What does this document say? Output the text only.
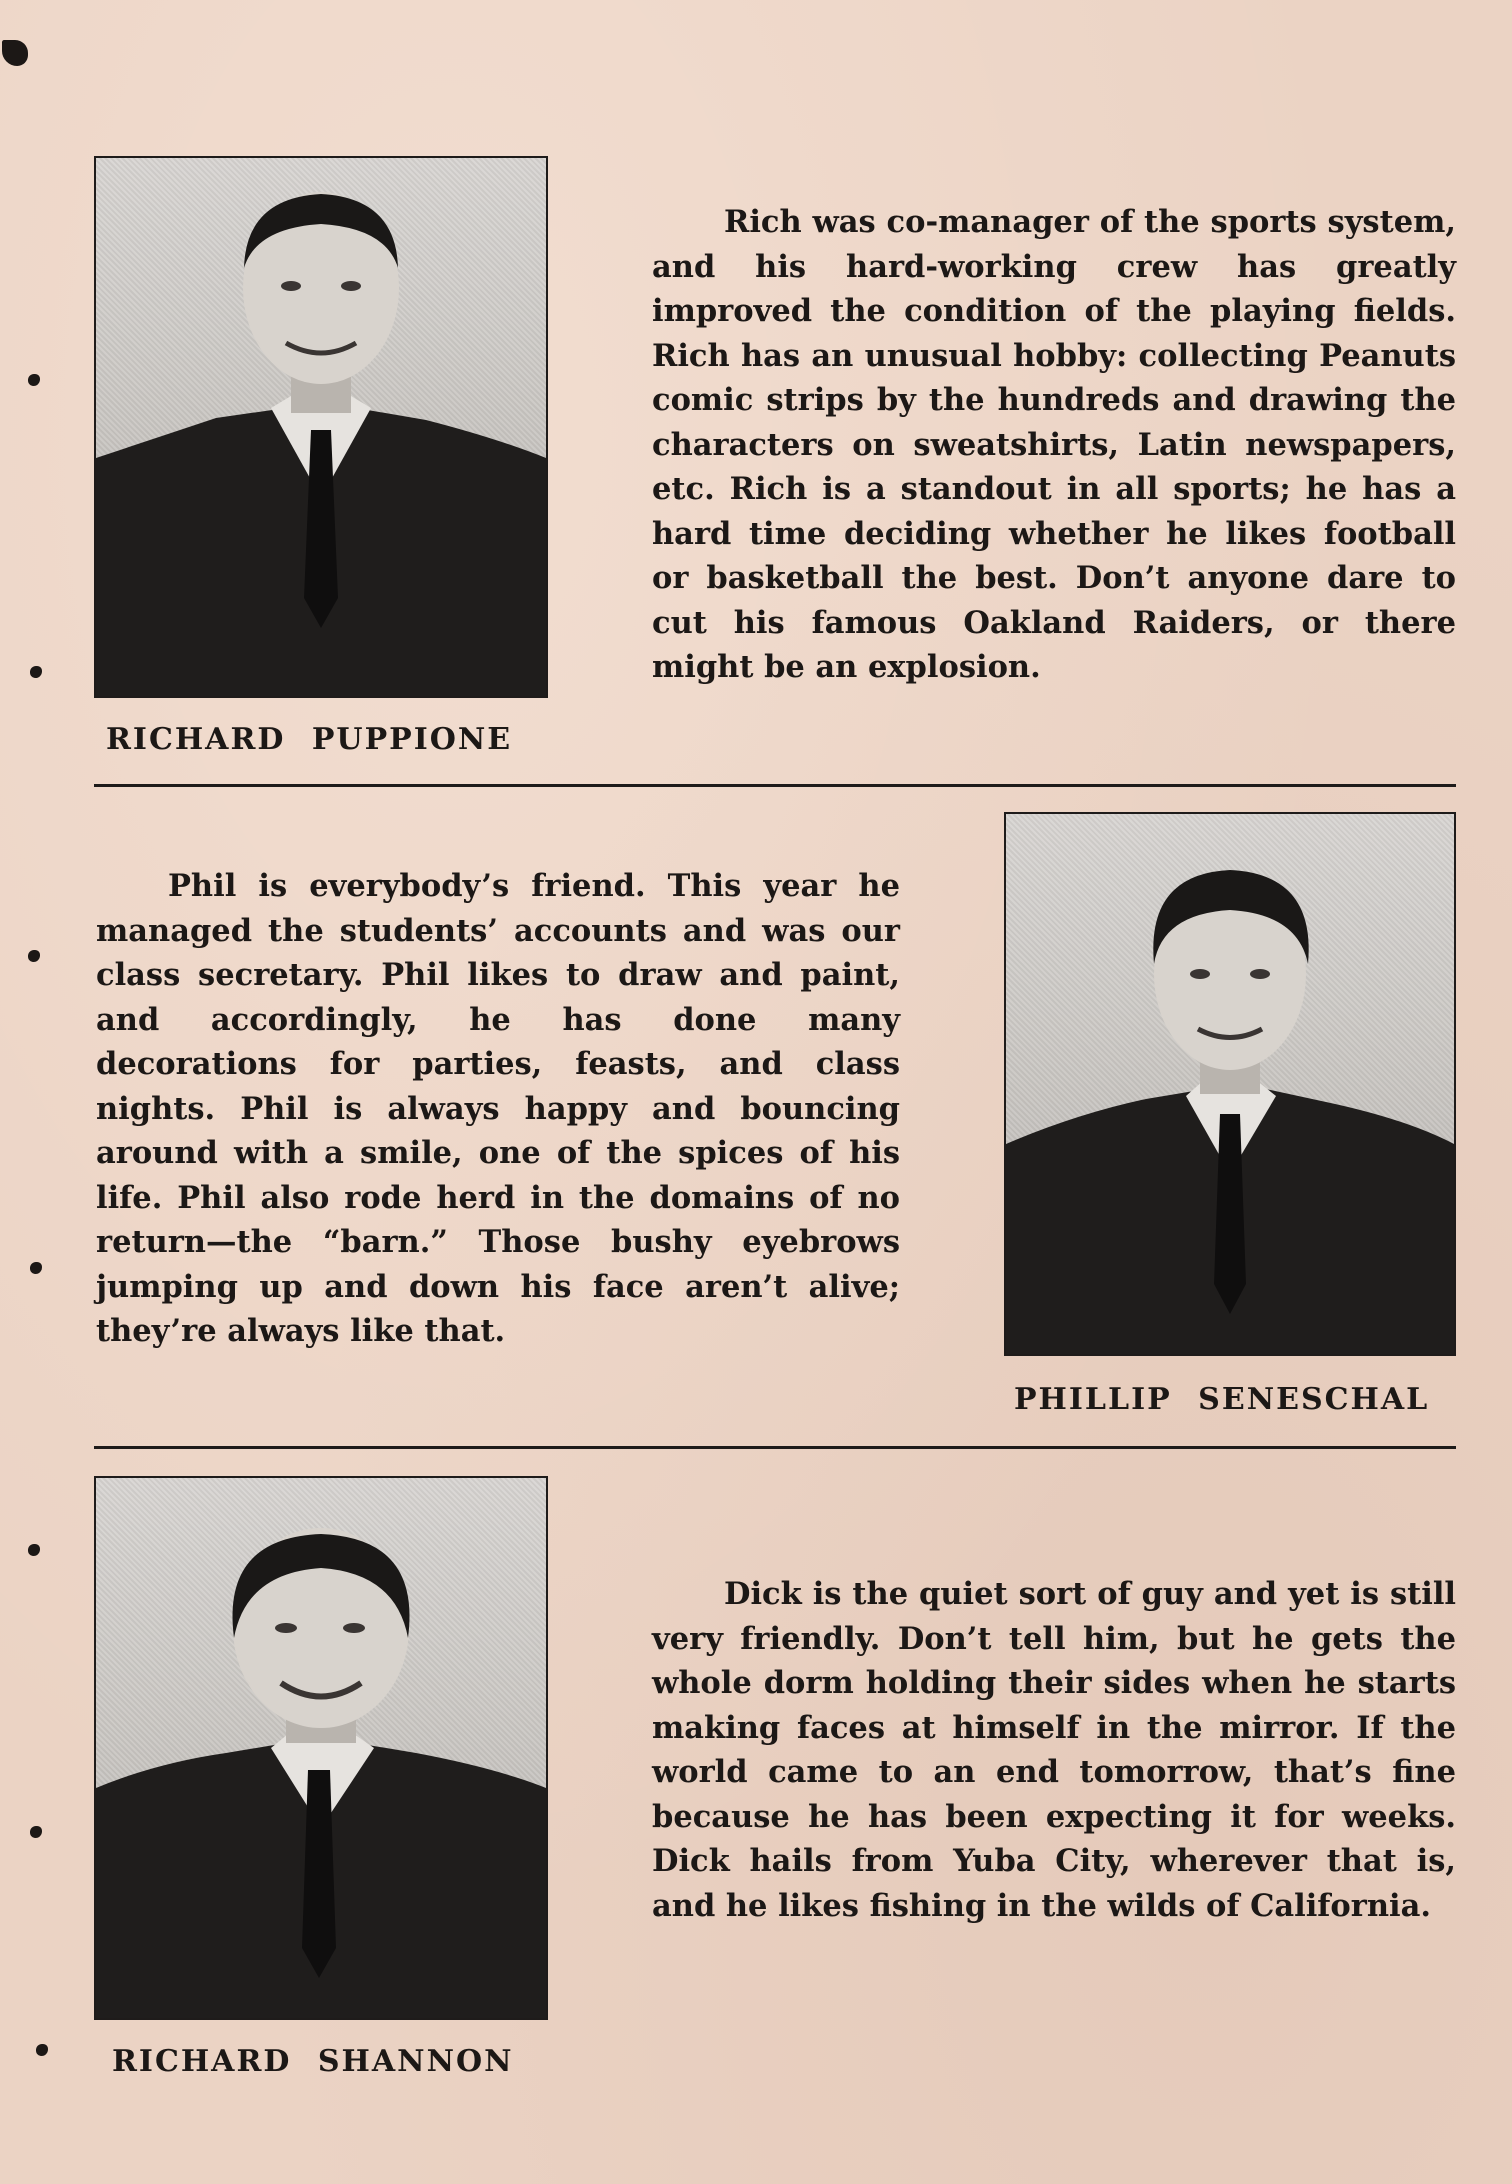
Rich was co-manager of the sports system, and his hard-working crew has greatly improved the condition of the playing fields. Rich has an unusual hobby: collecting Peanuts comic strips by the hundreds and drawing the characters on sweatshirts, Latin newspapers, etc. Rich is a standout in all sports; he has a hard time deciding whether he likes football or basketball the best. Don’t anyone dare to cut his famous Oakland Raiders, or there might be an explosion.

RICHARD PUPPIONE

Phil is everybody’s friend. This year he managed the students’ accounts and was our class secretary. Phil likes to draw and paint, and accordingly, he has done many decorations for parties, feasts, and class nights. Phil is always happy and bouncing around with a smile, one of the spices of his life. Phil also rode herd in the domains of no return—the “barn.” Those bushy eyebrows jumping up and down his face aren’t alive; they’re always like that.

PHILLIP SENESCHAL

Dick is the quiet sort of guy and yet is still very friendly. Don’t tell him, but he gets the whole dorm holding their sides when he starts making faces at himself in the mirror. If the world came to an end tomorrow, that’s fine because he has been expecting it for weeks. Dick hails from Yuba City, wherever that is, and he likes fishing in the wilds of California.

RICHARD SHANNON
